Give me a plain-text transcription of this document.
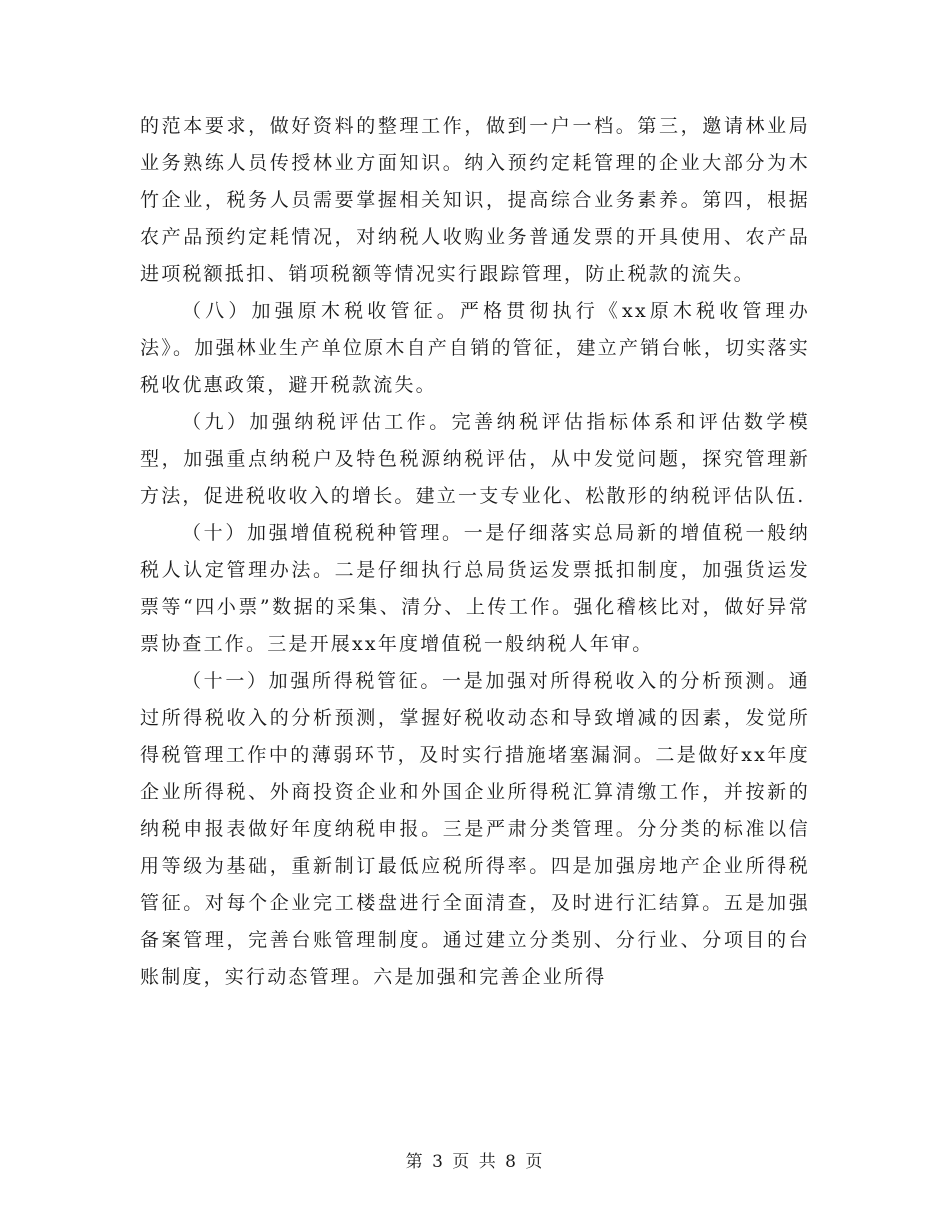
的范本要求，做好资料的整理工作，做到一户一档。第三，邀请林业局业务熟练人员传授林业方面知识。纳入预约定耗管理的企业大部分为木竹企业，税务人员需要掌握相关知识，提高综合业务素养。第四，根据农产品预约定耗情况，对纳税人收购业务普通发票的开具使用、农产品进项税额抵扣、销项税额等情况实行跟踪管理，防止税款的流失。

（八）加强原木税收管征。严格贯彻执行《xx原木税收管理办法》。加强林业生产单位原木自产自销的管征，建立产销台帐，切实落实税收优惠政策，避开税款流失。

（九）加强纳税评估工作。完善纳税评估指标体系和评估数学模型，加强重点纳税户及特色税源纳税评估，从中发觉问题，探究管理新方法，促进税收收入的增长。建立一支专业化、松散形的纳税评估队伍.

（十）加强增值税税种管理。一是仔细落实总局新的增值税一般纳税人认定管理办法。二是仔细执行总局货运发票抵扣制度，加强货运发票等“四小票”数据的采集、清分、上传工作。强化稽核比对，做好异常票协查工作。三是开展xx年度增值税一般纳税人年审。

（十一）加强所得税管征。一是加强对所得税收入的分析预测。通过所得税收入的分析预测，掌握好税收动态和导致增减的因素，发觉所得税管理工作中的薄弱环节，及时实行措施堵塞漏洞。二是做好xx年度企业所得税、外商投资企业和外国企业所得税汇算清缴工作，并按新的纳税申报表做好年度纳税申报。三是严肃分类管理。分分类的标准以信用等级为基础，重新制订最低应税所得率。四是加强房地产企业所得税管征。对每个企业完工楼盘进行全面清查，及时进行汇结算。五是加强备案管理，完善台账管理制度。通过建立分类别、分行业、分项目的台账制度，实行动态管理。六是加强和完善企业所得

第 3 页 共 8 页
